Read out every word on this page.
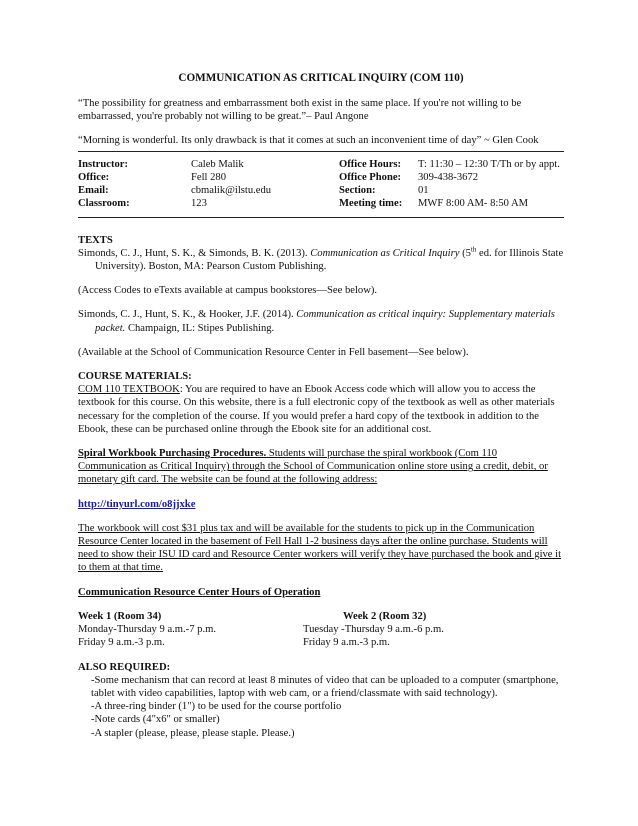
COMMUNICATION AS CRITICAL INQUIRY (COM 110)

“The possibility for greatness and embarrassment both exist in the same place. If you're not willing to be embarrassed, you're probably not willing to be great.”– Paul Angone

“Morning is wonderful. Its only drawback is that it comes at such an inconvenient time of day” ~ Glen Cook

Instructor:	Caleb Malik	Office Hours:	T: 11:30 – 12:30 T/Th or by appt.
Office:	Fell 280	Office Phone:	309-438-3672
Email:	cbmalik@ilstu.edu	Section:	01
Classroom:	123	Meeting time:	MWF 8:00 AM- 8:50 AM

TEXTS

Simonds, C. J., Hunt, S. K., & Simonds, B. K. (2013). Communication as Critical Inquiry (5th ed. for Illinois State University). Boston, MA: Pearson Custom Publishing.

(Access Codes to eTexts available at campus bookstores—See below).

Simonds, C. J., Hunt, S. K., & Hooker, J.F. (2014). Communication as critical inquiry: Supplementary materials packet. Champaign, IL: Stipes Publishing.

(Available at the School of Communication Resource Center in Fell basement—See below).

COURSE MATERIALS:

COM 110 TEXTBOOK: You are required to have an Ebook Access code which will allow you to access the textbook for this course. On this website, there is a full electronic copy of the textbook as well as other materials necessary for the completion of the course. If you would prefer a hard copy of the textbook in addition to the Ebook, these can be purchased online through the Ebook site for an additional cost.

Spiral Workbook Purchasing Procedures. Students will purchase the spiral workbook (Com 110 Communication as Critical Inquiry) through the School of Communication online store using a credit, debit, or monetary gift card. The website can be found at the following address:

http://tinyurl.com/o8jjxke

The workbook will cost $31 plus tax and will be available for the students to pick up in the Communication Resource Center located in the basement of Fell Hall 1-2 business days after the online purchase. Students will need to show their ISU ID card and Resource Center workers will verify they have purchased the book and give it to them at that time.

Communication Resource Center Hours of Operation

Week 1 (Room 34)	Week 2 (Room 32)
Monday-Thursday 9 a.m.-7 p.m.	Tuesday -Thursday 9 a.m.-6 p.m.
Friday 9 a.m.-3 p.m.	Friday 9 a.m.-3 p.m.

ALSO REQUIRED:

-Some mechanism that can record at least 8 minutes of video that can be uploaded to a computer (smartphone, tablet with video capabilities, laptop with web cam, or a friend/classmate with said technology).

-A three-ring binder (1") to be used for the course portfolio

-Note cards (4"x6" or smaller)

-A stapler (please, please, please staple. Please.)
